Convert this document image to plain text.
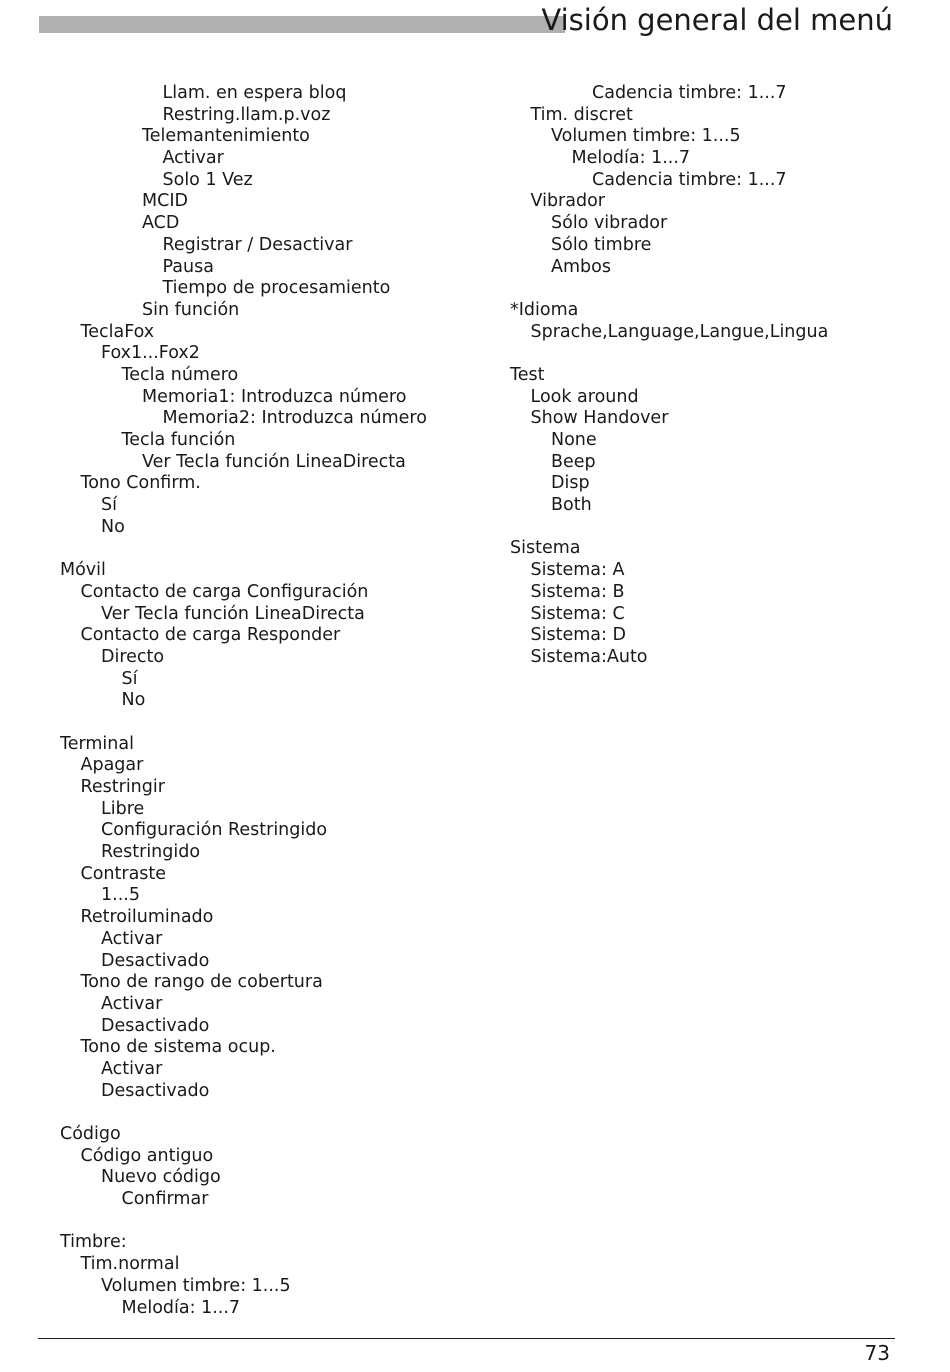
Visión general del menú
Llam. en espera bloq
Restring.llam.p.voz
Telemantenimiento
Activar
Solo 1 Vez
MCID
ACD
Registrar / Desactivar
Pausa
Tiempo de procesamiento
Sin función
TeclaFox
Fox1...Fox2
Tecla número
Memoria1: Introduzca número
Memoria2: Introduzca número
Tecla función
Ver Tecla función LineaDirecta
Tono Confirm.
Sí
No
Móvil
Contacto de carga Configuración
Ver Tecla función LineaDirecta
Contacto de carga Responder
Directo
Sí
No
Terminal
Apagar
Restringir
Libre
Configuración Restringido
Restringido
Contraste
1...5
Retroiluminado
Activar
Desactivado
Tono de rango de cobertura
Activar
Desactivado
Tono de sistema ocup.
Activar
Desactivado
Código
Código antiguo
Nuevo código
Confirmar
Timbre:
Tim.normal
Volumen timbre: 1...5
Melodía: 1...7
Cadencia timbre: 1...7
Tim. discret
Volumen timbre: 1...5
Melodía: 1...7
Cadencia timbre: 1...7
Vibrador
Sólo vibrador
Sólo timbre
Ambos
*Idioma
Sprache,Language,Langue,Lingua
Test
Look around
Show Handover
None
Beep
Disp
Both
Sistema
Sistema: A
Sistema: B
Sistema: C
Sistema: D
Sistema:Auto
73
